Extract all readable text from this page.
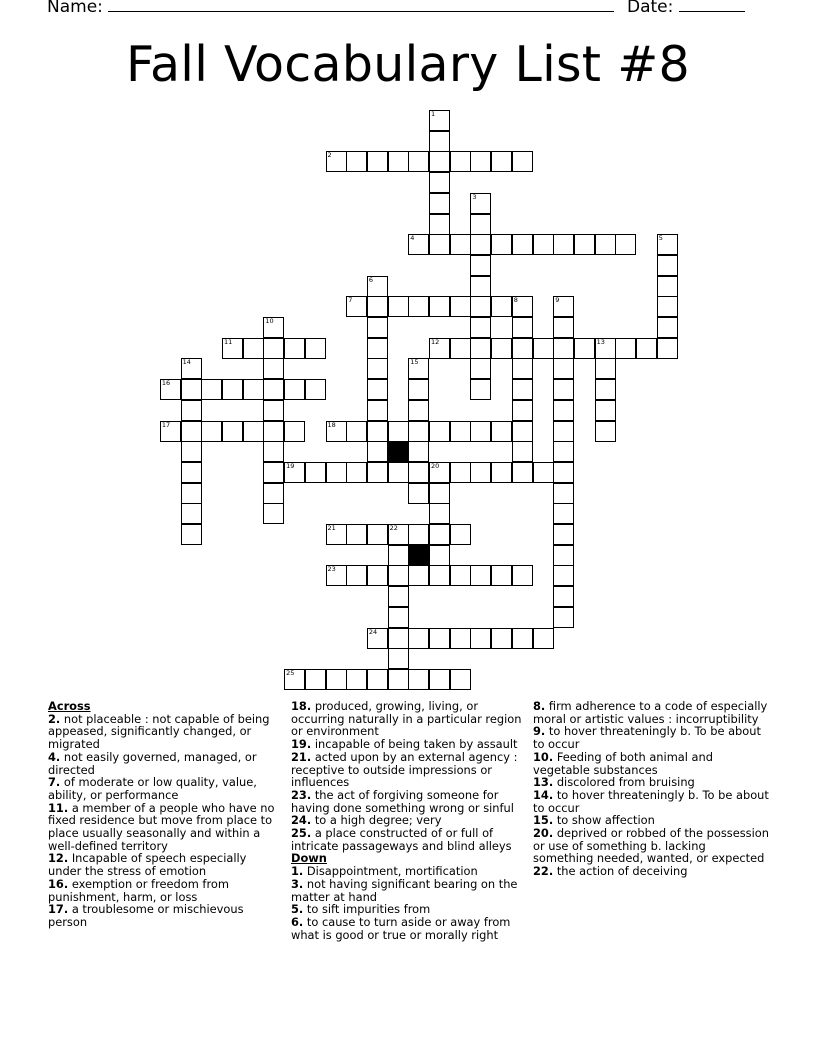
Name:	Date:
Fall Vocabulary List #8
1
2
3
4	5
6
7	8	9
10
11	12	13
14	15
16
17	18
19	20
21	22
23
24
25

Across

2. not placeable : not capable of being appeased, significantly changed, or migrated

4. not easily governed, managed, or directed

7. of moderate or low quality, value, ability, or performance

11. a member of a people who have no fixed residence but move from place to place usually seasonally and within a well-defined territory

12. Incapable of speech especially under the stress of emotion

16. exemption or freedom from punishment, harm, or loss

17. a troublesome or mischievous person

18. produced, growing, living, or occurring naturally in a particular region or environment

19. incapable of being taken by assault

21. acted upon by an external agency : receptive to outside impressions or influences

23. the act of forgiving someone for having done something wrong or sinful

24. to a high degree; very

25. a place constructed of or full of intricate passageways and blind alleys

Down

1. Disappointment, mortification

3. not having significant bearing on the matter at hand

5. to sift impurities from

6. to cause to turn aside or away from what is good or true or morally right

8. firm adherence to a code of especially moral or artistic values : incorruptibility

9. to hover threateningly b. To be about to occur

10. Feeding of both animal and vegetable substances

13. discolored from bruising

14. to hover threateningly b. To be about to occur

15. to show affection

20. deprived or robbed of the possession or use of something b. lacking something needed, wanted, or expected

22. the action of deceiving
